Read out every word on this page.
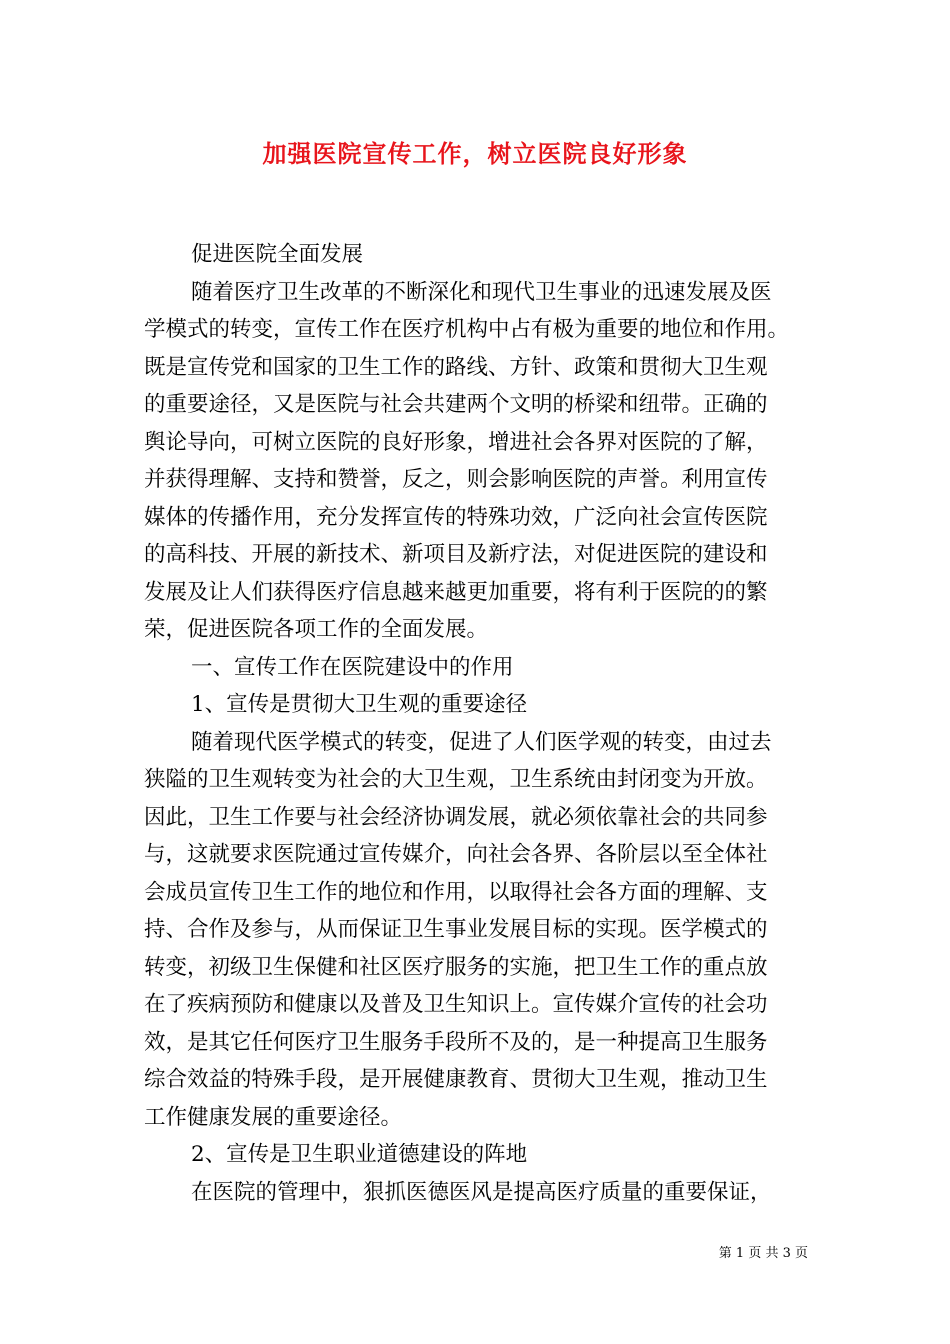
加强医院宣传工作，树立医院良好形象
促进医院全面发展
随着医疗卫生改革的不断深化和现代卫生事业的迅速发展及医
学模式的转变，宣传工作在医疗机构中占有极为重要的地位和作用。
既是宣传党和国家的卫生工作的路线、方针、政策和贯彻大卫生观
的重要途径，又是医院与社会共建两个文明的桥梁和纽带。正确的
舆论导向，可树立医院的良好形象，增进社会各界对医院的了解，
并获得理解、支持和赞誉，反之，则会影响医院的声誉。利用宣传
媒体的传播作用，充分发挥宣传的特殊功效，广泛向社会宣传医院
的高科技、开展的新技术、新项目及新疗法，对促进医院的建设和
发展及让人们获得医疗信息越来越更加重要，将有利于医院的的繁
荣，促进医院各项工作的全面发展。
一、宣传工作在医院建设中的作用
1、宣传是贯彻大卫生观的重要途径
随着现代医学模式的转变，促进了人们医学观的转变，由过去
狭隘的卫生观转变为社会的大卫生观，卫生系统由封闭变为开放。
因此，卫生工作要与社会经济协调发展，就必须依靠社会的共同参
与，这就要求医院通过宣传媒介，向社会各界、各阶层以至全体社
会成员宣传卫生工作的地位和作用，以取得社会各方面的理解、支
持、合作及参与，从而保证卫生事业发展目标的实现。医学模式的
转变，初级卫生保健和社区医疗服务的实施，把卫生工作的重点放
在了疾病预防和健康以及普及卫生知识上。宣传媒介宣传的社会功
效，是其它任何医疗卫生服务手段所不及的，是一种提高卫生服务
综合效益的特殊手段，是开展健康教育、贯彻大卫生观，推动卫生
工作健康发展的重要途径。
2、宣传是卫生职业道德建设的阵地
在医院的管理中，狠抓医德医风是提高医疗质量的重要保证，
第 1 页 共 3 页
